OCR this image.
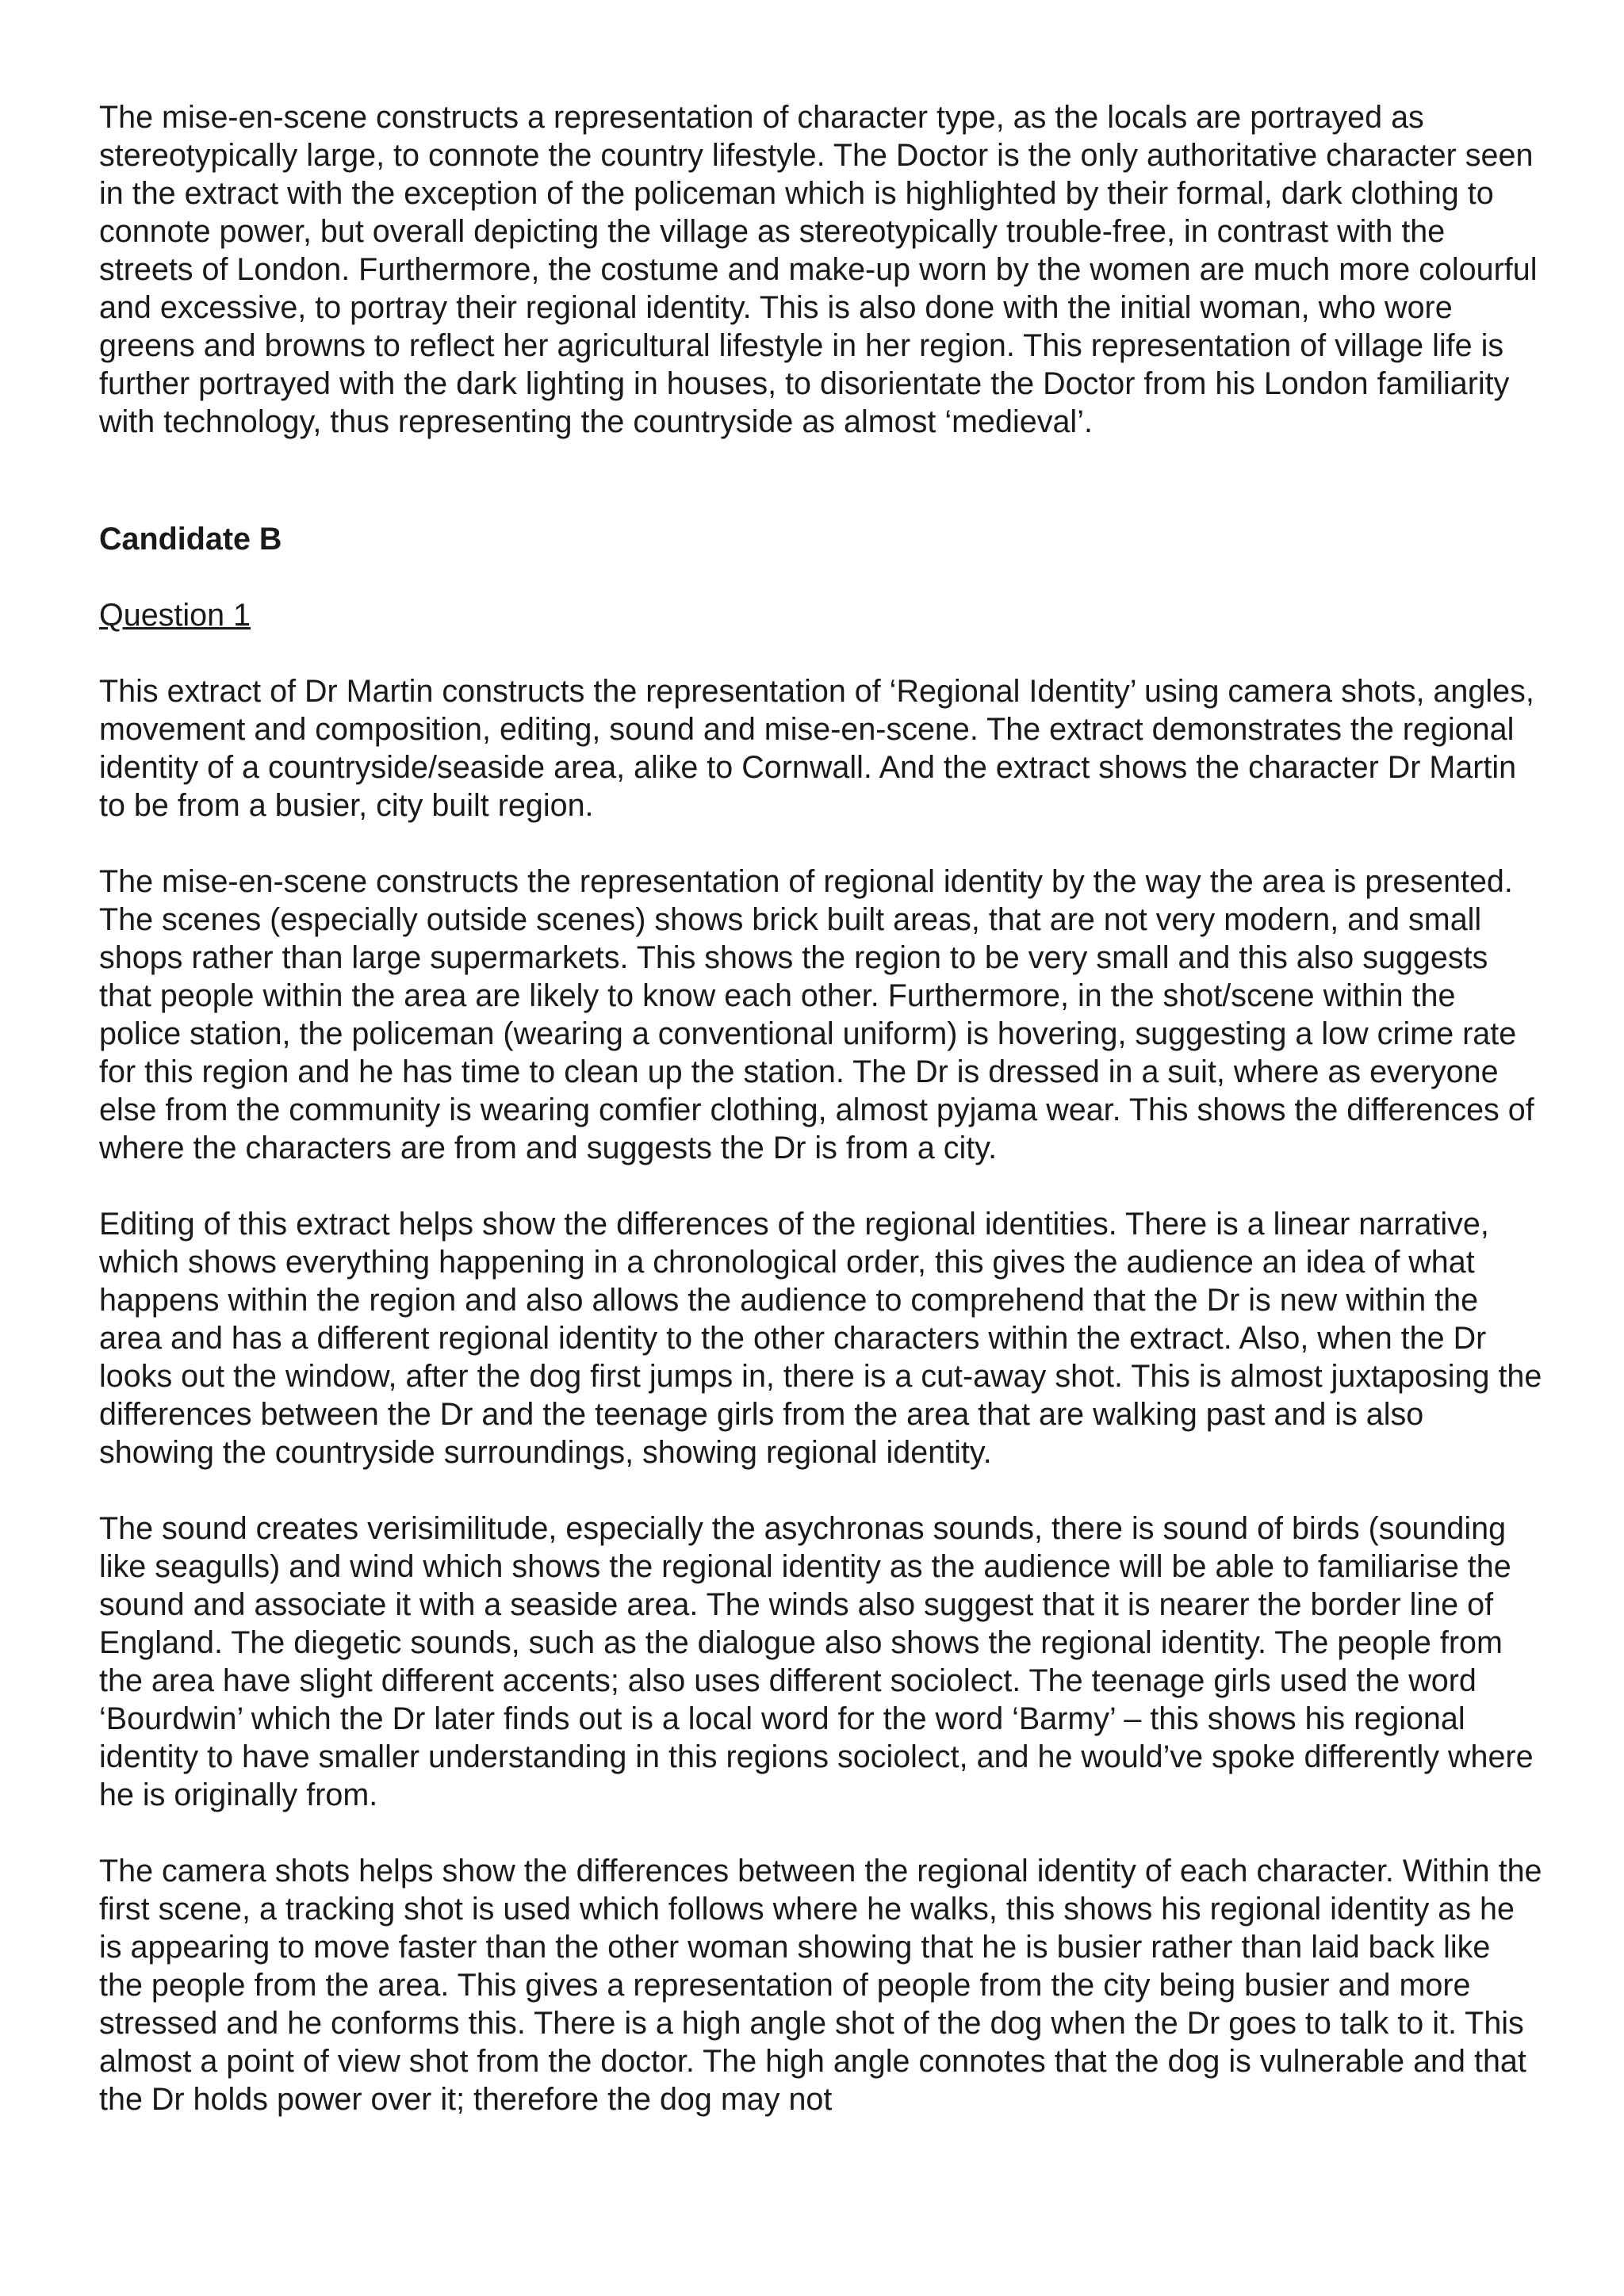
The mise-en-scene constructs a representation of character type, as the locals are portrayed as stereotypically large, to connote the country lifestyle. The Doctor is the only authoritative character seen in the extract with the exception of the policeman which is highlighted by their formal, dark clothing to connote power, but overall depicting the village as stereotypically trouble-free, in contrast with the streets of London. Furthermore, the costume and make-up worn by the women are much more colourful and excessive, to portray their regional identity. This is also done with the initial woman, who wore greens and browns to reflect her agricultural lifestyle in her region. This representation of village life is further portrayed with the dark lighting in houses, to disorientate the Doctor from his London familiarity with technology, thus representing the countryside as almost ‘medieval’.

Candidate B

Question 1

This extract of Dr Martin constructs the representation of ‘Regional Identity’ using camera shots, angles, movement and composition, editing, sound and mise-en-scene. The extract demonstrates the regional identity of a countryside/seaside area, alike to Cornwall. And the extract shows the character Dr Martin to be from a busier, city built region.

The mise-en-scene constructs the representation of regional identity by the way the area is presented. The scenes (especially outside scenes) shows brick built areas, that are not very modern, and small shops rather than large supermarkets. This shows the region to be very small and this also suggests that people within the area are likely to know each other. Furthermore, in the shot/scene within the police station, the policeman (wearing a conventional uniform) is hovering, suggesting a low crime rate for this region and he has time to clean up the station. The Dr is dressed in a suit, where as everyone else from the community is wearing comfier clothing, almost pyjama wear. This shows the differences of where the characters are from and suggests the Dr is from a city.

Editing of this extract helps show the differences of the regional identities. There is a linear narrative, which shows everything happening in a chronological order, this gives the audience an idea of what happens within the region and also allows the audience to comprehend that the Dr is new within the area and has a different regional identity to the other characters within the extract. Also, when the Dr looks out the window, after the dog first jumps in, there is a cut-away shot. This is almost juxtaposing the differences between the Dr and the teenage girls from the area that are walking past and is also showing the countryside surroundings, showing regional identity.

The sound creates verisimilitude, especially the asychronas sounds, there is sound of birds (sounding like seagulls) and wind which shows the regional identity as the audience will be able to familiarise the sound and associate it with a seaside area. The winds also suggest that it is nearer the border line of England. The diegetic sounds, such as the dialogue also shows the regional identity. The people from the area have slight different accents; also uses different sociolect. The teenage girls used the word ‘Bourdwin’ which the Dr later finds out is a local word for the word ‘Barmy’ – this shows his regional identity to have smaller understanding in this regions sociolect, and he would’ve spoke differently where he is originally from.

The camera shots helps show the differences between the regional identity of each character. Within the first scene, a tracking shot is used which follows where he walks, this shows his regional identity as he is appearing to move faster than the other woman showing that he is busier rather than laid back like the people from the area. This gives a representation of people from the city being busier and more stressed and he conforms this. There is a high angle shot of the dog when the Dr goes to talk to it. This almost a point of view shot from the doctor. The high angle connotes that the dog is vulnerable and that the Dr holds power over it; therefore the dog may not
